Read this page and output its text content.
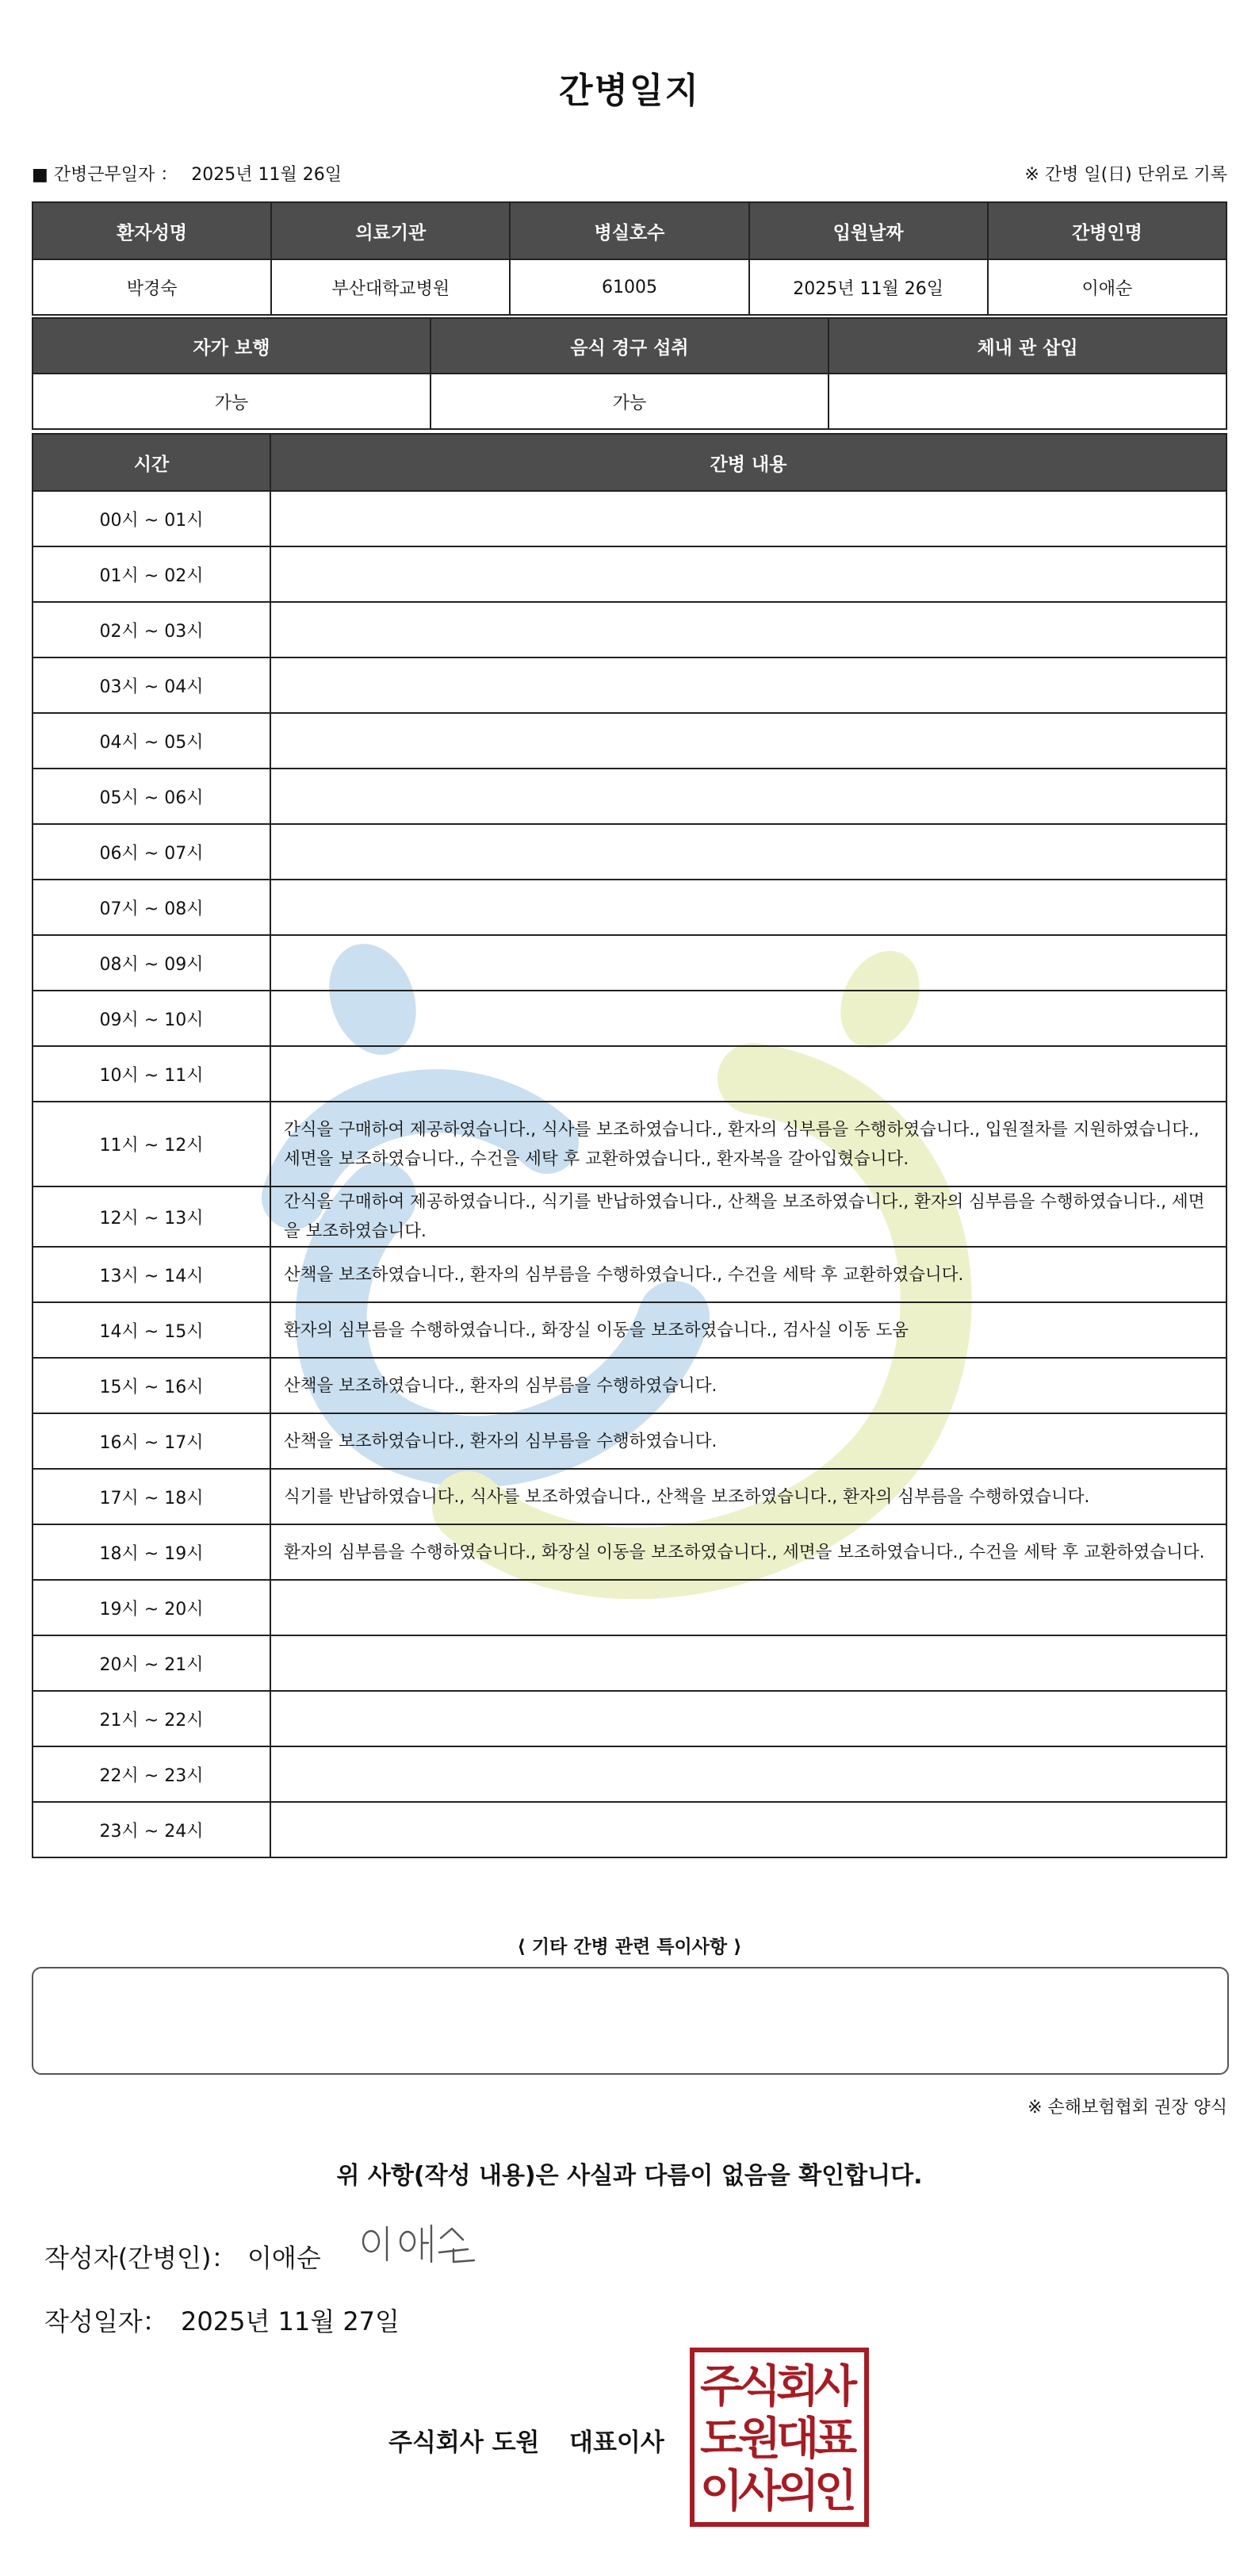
간병일지
■ 간병근무일자 ： 2025년 11월 26일	※ 간병 일(日) 단위로 기록
환자성명	의료기관	병실호수	입원날짜	간병인명
박경숙	부산대학교병원	61005	2025년 11월 26일	이애순
자가 보행	음식 경구 섭취	체내 관 삽입
가능	가능	
시간	간병 내용
00시 ~ 01시	
01시 ~ 02시	
02시 ~ 03시	
03시 ~ 04시	
04시 ~ 05시	
05시 ~ 06시	
06시 ~ 07시	
07시 ~ 08시	
08시 ~ 09시	
09시 ~ 10시	
10시 ~ 11시	
11시 ~ 12시	간식을 구매하여 제공하였습니다., 식사를 보조하였습니다., 환자의 심부름을 수행하였습니다., 입원절차를 지원하였습니다., 세면을 보조하였습니다., 수건을 세탁 후 교환하였습니다., 환자복을 갈아입혔습니다.
12시 ~ 13시	간식을 구매하여 제공하였습니다., 식기를 반납하였습니다., 산책을 보조하였습니다., 환자의 심부름을 수행하였습니다., 세면을 보조하였습니다.
13시 ~ 14시	산책을 보조하였습니다., 환자의 심부름을 수행하였습니다., 수건을 세탁 후 교환하였습니다.
14시 ~ 15시	환자의 심부름을 수행하였습니다., 화장실 이동을 보조하였습니다., 검사실 이동 도움
15시 ~ 16시	산책을 보조하였습니다., 환자의 심부름을 수행하였습니다.
16시 ~ 17시	산책을 보조하였습니다., 환자의 심부름을 수행하였습니다.
17시 ~ 18시	식기를 반납하였습니다., 식사를 보조하였습니다., 산책을 보조하였습니다., 환자의 심부름을 수행하였습니다.
18시 ~ 19시	환자의 심부름을 수행하였습니다., 화장실 이동을 보조하였습니다., 세면을 보조하였습니다., 수건을 세탁 후 교환하였습니다.
19시 ~ 20시	
20시 ~ 21시	
21시 ~ 22시	
22시 ~ 23시	
23시 ~ 24시	
⟨ 기타 간병 관련 특이사항 ⟩
※ 손해보험협회 권장 양식
위 사항(작성 내용)은 사실과 다름이 없음을 확인합니다.
작성자(간병인)： 이애순
작성일자： 2025년 11월 27일
주식회사 도원 대표이사
주
식
회
사
도
원
대
표
이
사
의
인
